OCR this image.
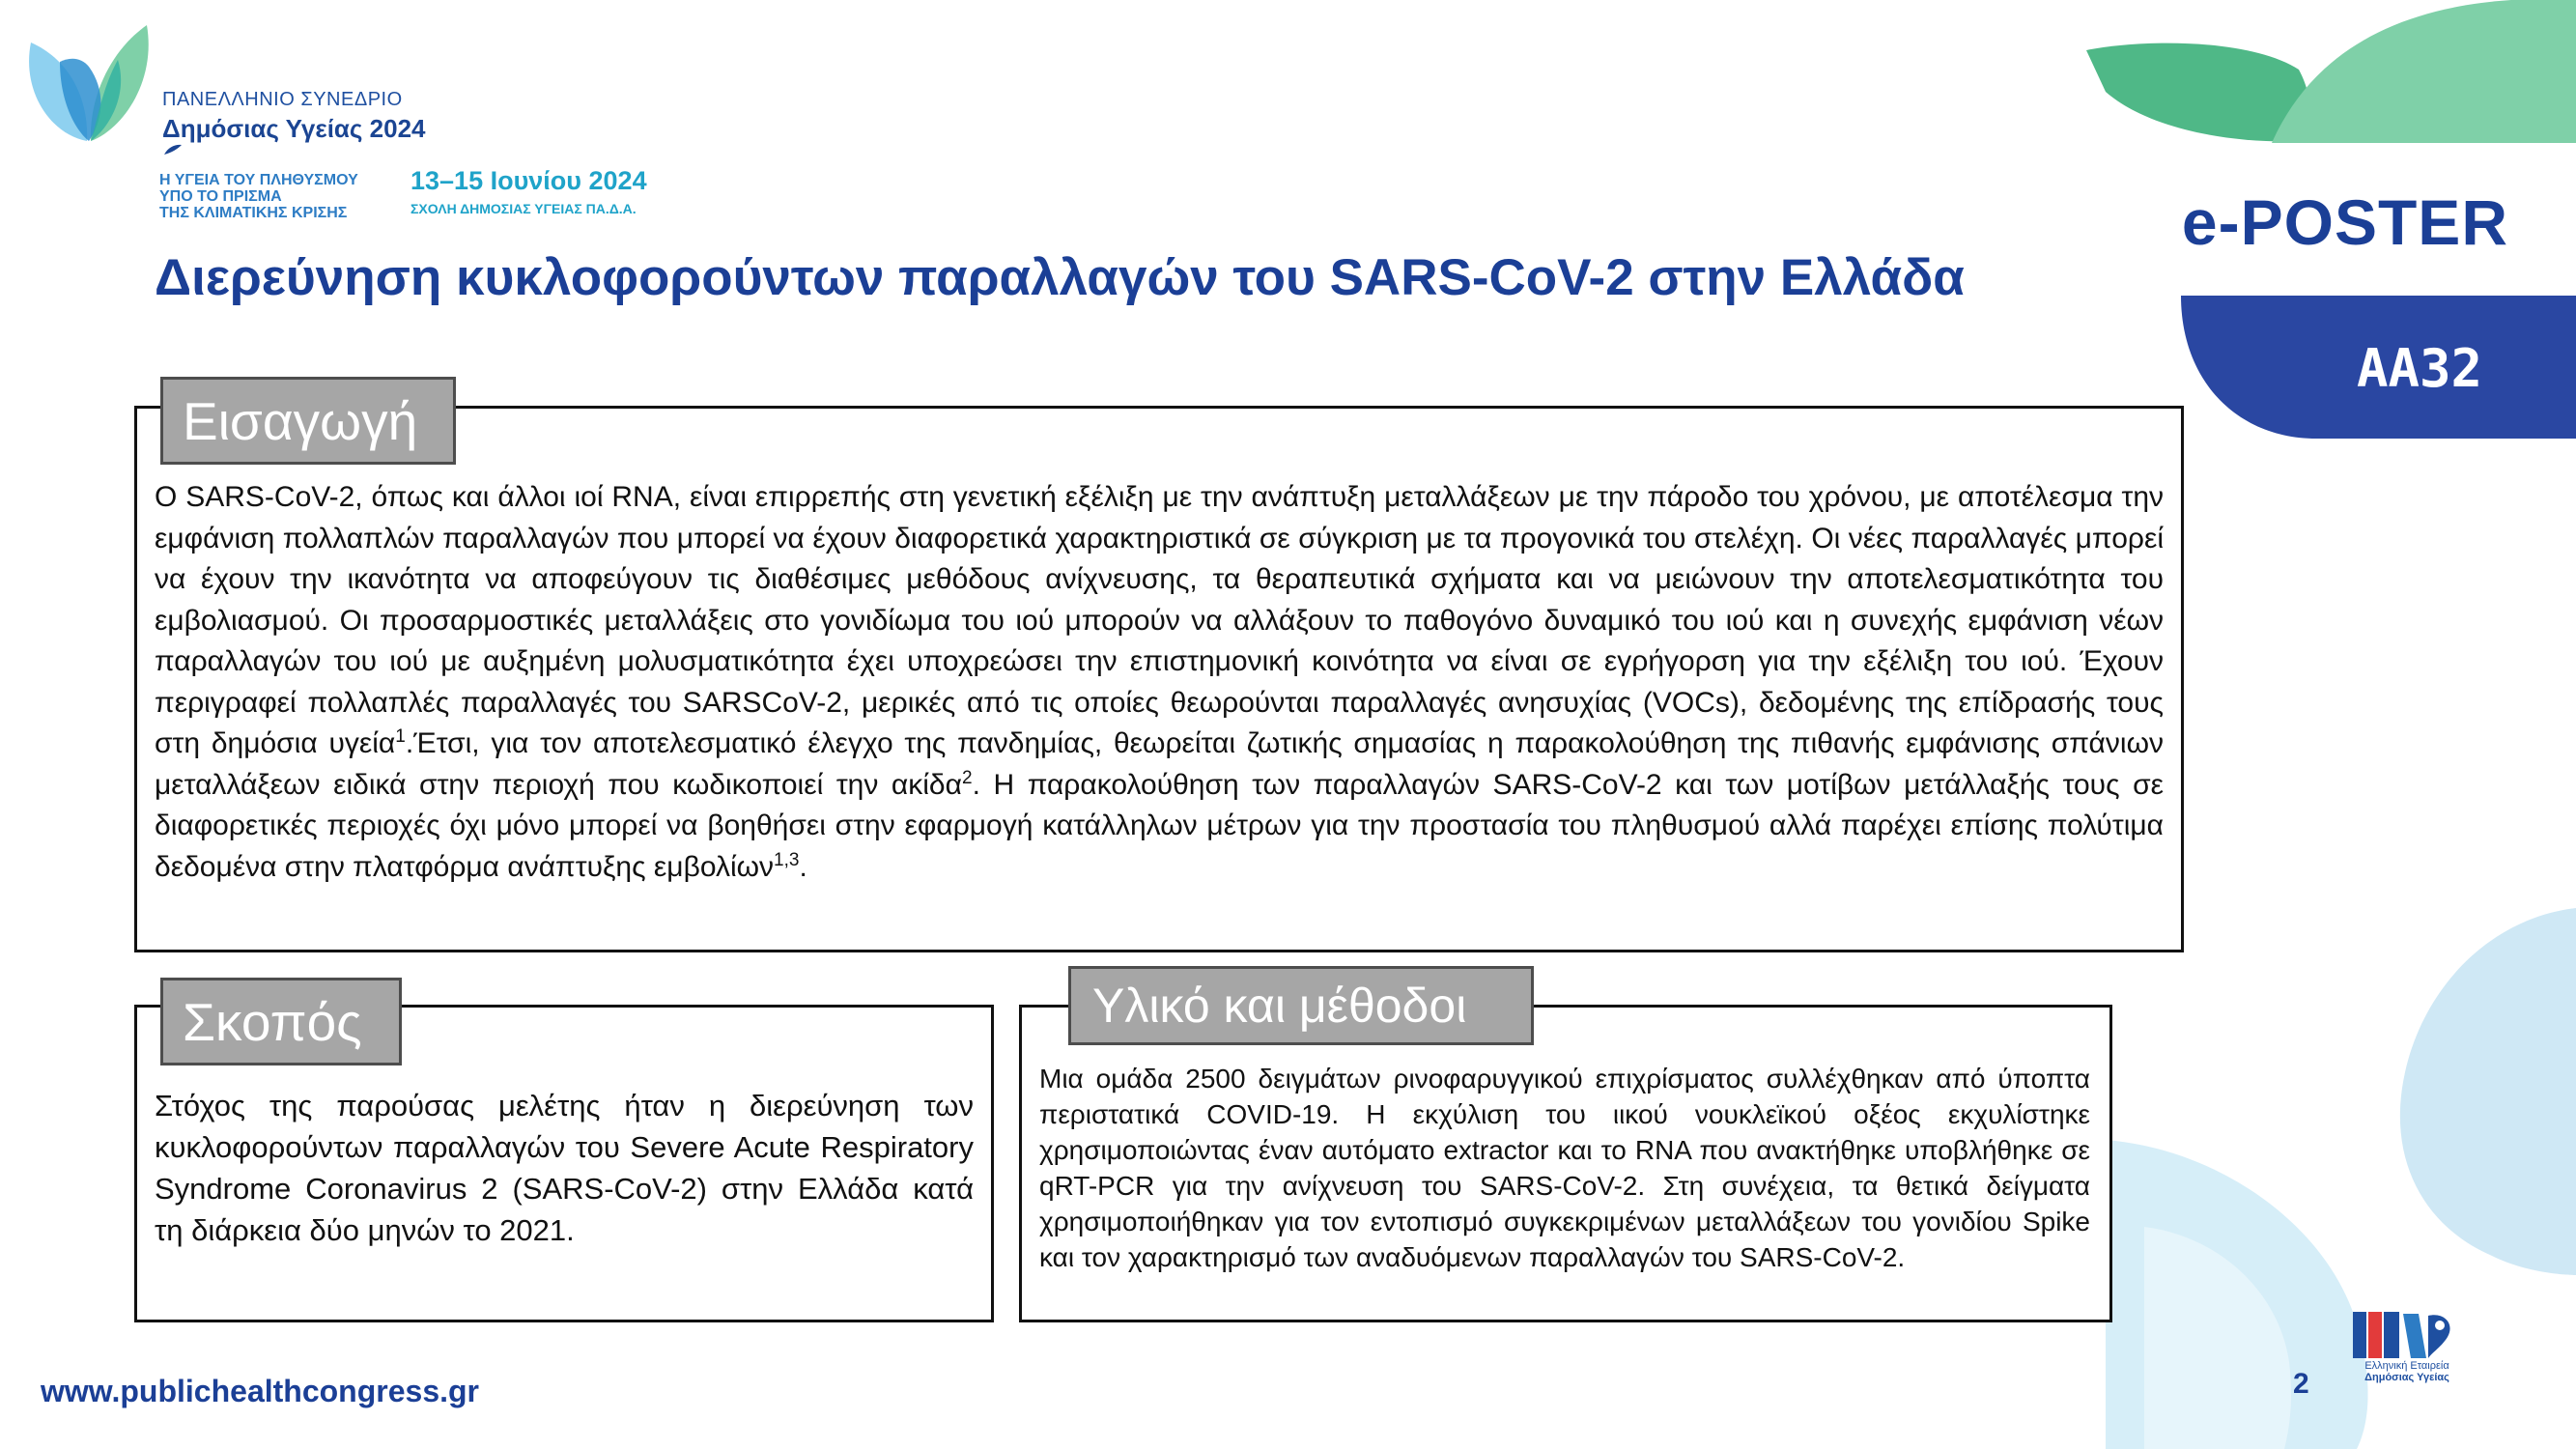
ΠΑΝΕΛΛΗΝΙΟ ΣΥΝΕΔΡΙΟ
Δημόσιας Υγείας 2024
Η ΥΓΕΙΑ ΤΟΥ ΠΛΗΘΥΣΜΟΥ
ΥΠΟ ΤΟ ΠΡΙΣΜΑ
ΤΗΣ ΚΛΙΜΑΤΙΚΗΣ ΚΡΙΣΗΣ
13–15 Ιουνίου 2024
ΣΧΟΛΗ ΔΗΜΟΣΙΑΣ ΥΓΕΙΑΣ ΠΑ.Δ.Α.	e-POSTER
AA32
Διερεύνηση κυκλοφορούντων παραλλαγών του SARS-CoV-2 στην Ελλάδα
Εισαγωγή
Ο SARS-CoV-2, όπως και άλλοι ιοί RNA, είναι επιρρεπής στη γενετική εξέλιξη με την ανάπτυξη μεταλλάξεων με την πάροδο του χρόνου, με αποτέλεσμα την εμφάνιση πολλαπλών παραλλαγών που μπορεί να έχουν διαφορετικά χαρακτηριστικά σε σύγκριση με τα προγονικά του στελέχη. Οι νέες παραλλαγές μπορεί να έχουν την ικανότητα να αποφεύγουν τις διαθέσιμες μεθόδους ανίχνευσης, τα θεραπευτικά σχήματα και να μειώνουν την αποτελεσματικότητα του εμβολιασμού. Οι προσαρμοστικές μεταλλάξεις στο γονιδίωμα του ιού μπορούν να αλλάξουν το παθογόνο δυναμικό του ιού και η συνεχής εμφάνιση νέων παραλλαγών του ιού με αυξημένη μολυσματικότητα έχει υποχρεώσει την επιστημονική κοινότητα να είναι σε εγρήγορση για την εξέλιξη του ιού. Έχουν περιγραφεί πολλαπλές παραλλαγές του SARSCoV-2, μερικές από τις οποίες θεωρούνται παραλλαγές ανησυχίας (VOCs), δεδομένης της επίδρασής τους στη δημόσια υγεία$^1$.Έτσι, για τον αποτελεσματικό έλεγχο της πανδημίας, θεωρείται ζωτικής σημασίας η παρακολούθηση της πιθανής εμφάνισης σπάνιων μεταλλάξεων ειδικά στην περιοχή που κωδικοποιεί την ακίδα$^2$. Η παρακολούθηση των παραλλαγών SARS-CoV-2 και των μοτίβων μετάλλαξής τους σε διαφορετικές περιοχές όχι μόνο μπορεί να βοηθήσει στην εφαρμογή κατάλληλων μέτρων για την προστασία του πληθυσμού αλλά παρέχει επίσης πολύτιμα δεδομένα στην πλατφόρμα ανάπτυξης εμβολίων$^{1,3}$.
Σκοπός
Στόχος της παρούσας μελέτης ήταν η διερεύνηση των κυκλοφορούντων παραλλαγών του Severe Acute Respiratory Syndrome Coronavirus 2 (SARS-CoV-2) στην Ελλάδα κατά τη διάρκεια δύο μηνών το 2021.
Υλικό και μέθοδοι
Μια ομάδα 2500 δειγμάτων ρινοφαρυγγικού επιχρίσματος συλλέχθηκαν από ύποπτα περιστατικά COVID-19. Η εκχύλιση του ιικού νουκλεϊκού οξέος εκχυλίστηκε χρησιμοποιώντας έναν αυτόματο extractor και το RNA που ανακτήθηκε υποβλήθηκε σε qRT-PCR για την ανίχνευση του SARS-CoV-2. Στη συνέχεια, τα θετικά δείγματα χρησιμοποιήθηκαν για τον εντοπισμό συγκεκριμένων μεταλλάξεων του γονιδίου Spike και τον χαρακτηρισμό των αναδυόμενων παραλλαγών του SARS-CoV-2.
www.publichealthcongress.gr	2
Ελληνική Εταιρεία
Δημόσιας Υγείας
